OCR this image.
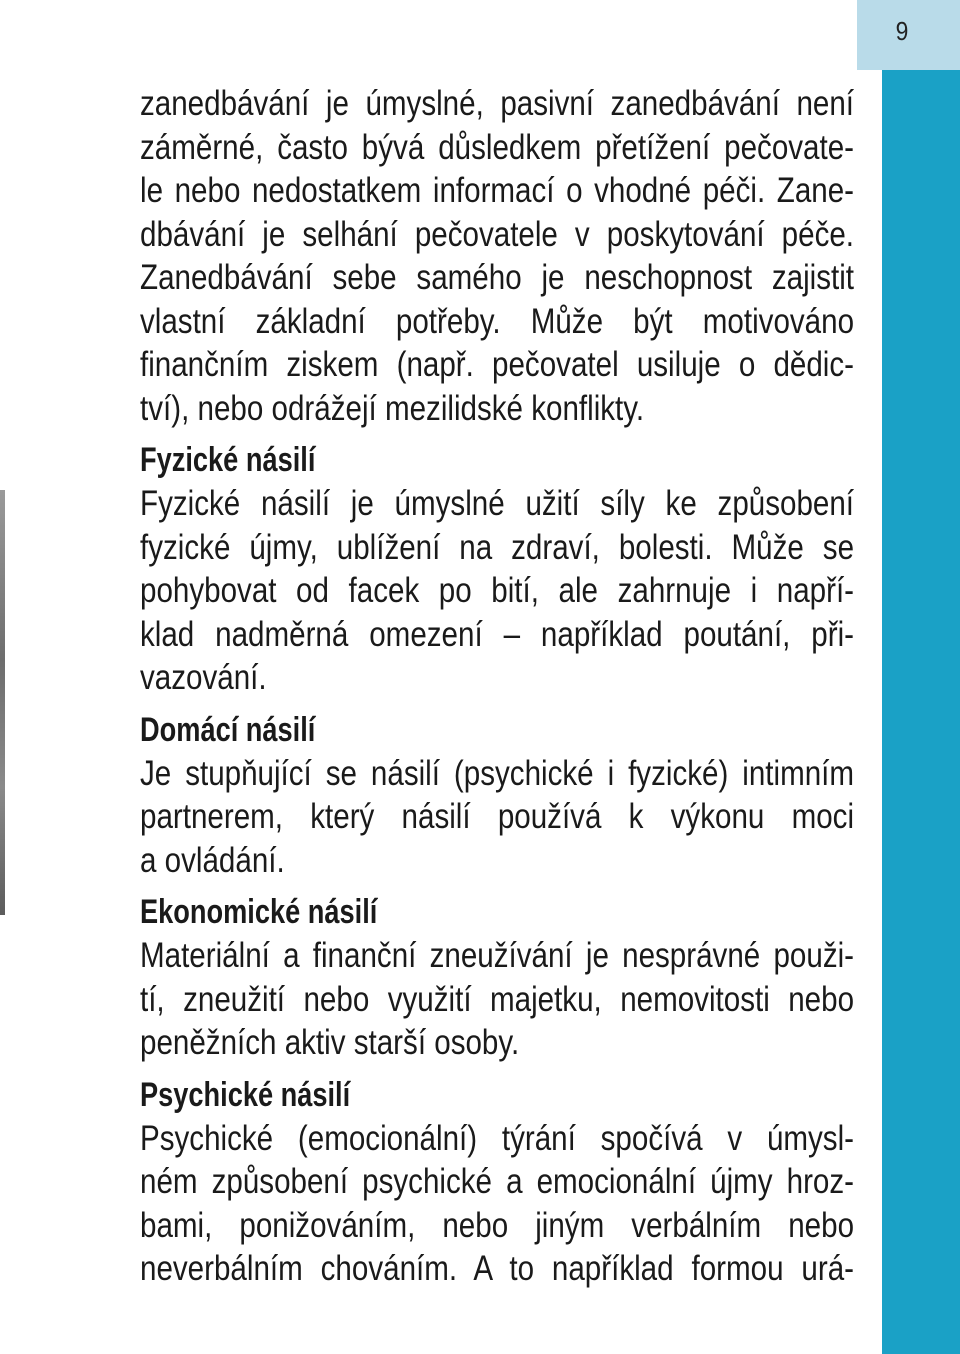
9
zanedbávání je úmyslné, pasivní zanedbávání není
záměrné, často bývá důsledkem přetížení pečovate-
le nebo nedostatkem informací o vhodné péči. Zane-
dbávání je selhání pečovatele v poskytování péče.
Zanedbávání sebe samého je neschopnost zajistit
vlastní základní potřeby. Může být motivováno
finančním ziskem (např. pečovatel usiluje o dědic-
tví), nebo odrážejí mezilidské konflikty.
Fyzické násilí
Fyzické násilí je úmyslné užití síly ke způsobení
fyzické újmy, ublížení na zdraví, bolesti. Může se
pohybovat od facek po bití, ale zahrnuje i napří-
klad nadměrná omezení – například poutání, při-
vazování.
Domácí násilí
Je stupňující se násilí (psychické i fyzické) intimním
partnerem, který násilí používá k výkonu moci
a ovládání.
Ekonomické násilí
Materiální a finanční zneužívání je nesprávné použi-
tí, zneužití nebo využití majetku, nemovitosti nebo
peněžních aktiv starší osoby.
Psychické násilí
Psychické (emocionální) týrání spočívá v úmysl-
ném způsobení psychické a emocionální újmy hroz-
bami, ponižováním, nebo jiným verbálním nebo
neverbálním chováním. A to například formou urá-
